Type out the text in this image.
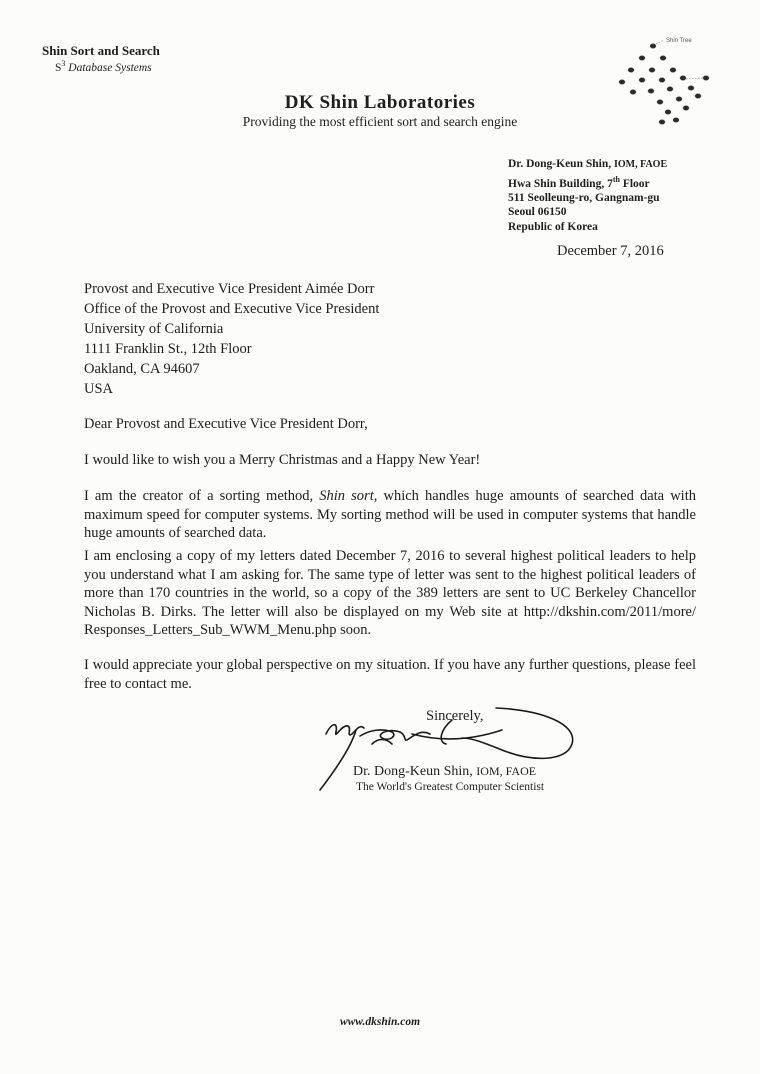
Shin Sort and Search
$S^3$ Database Systems
Shin Tree
DK Shin Laboratories
Providing the most efficient sort and search engine
Dr. Dong-Keun Shin, IOM, FAOE
Hwa Shin Building, 7th Floor
511 Seolleung-ro, Gangnam-gu
Seoul 06150
Republic of Korea
December 7, 2016
Provost and Executive Vice President Aimée Dorr
Office of the Provost and Executive Vice President
University of California
1111 Franklin St., 12th Floor
Oakland, CA 94607
USA
Dear Provost and Executive Vice President Dorr,
I would like to wish you a Merry Christmas and a Happy New Year!
I am the creator of a sorting method, Shin sort, which handles huge amounts of searched data with maximum speed for computer systems. My sorting method will be used in computer systems that handle huge amounts of searched data.
I am enclosing a copy of my letters dated December 7, 2016 to several highest political leaders to help you understand what I am asking for. The same type of letter was sent to the highest political leaders of more than 170 countries in the world, so a copy of the 389 letters are sent to UC Berkeley Chancellor Nicholas B. Dirks. The letter will also be displayed on my Web site at http://dkshin.com/2011/more/ Responses_Letters_Sub_WWM_Menu.php soon.
I would appreciate your global perspective on my situation. If you have any further questions, please feel free to contact me.
Sincerely,
Dr. Dong-Keun Shin, IOM, FAOE
The World's Greatest Computer Scientist
www.dkshin.com
